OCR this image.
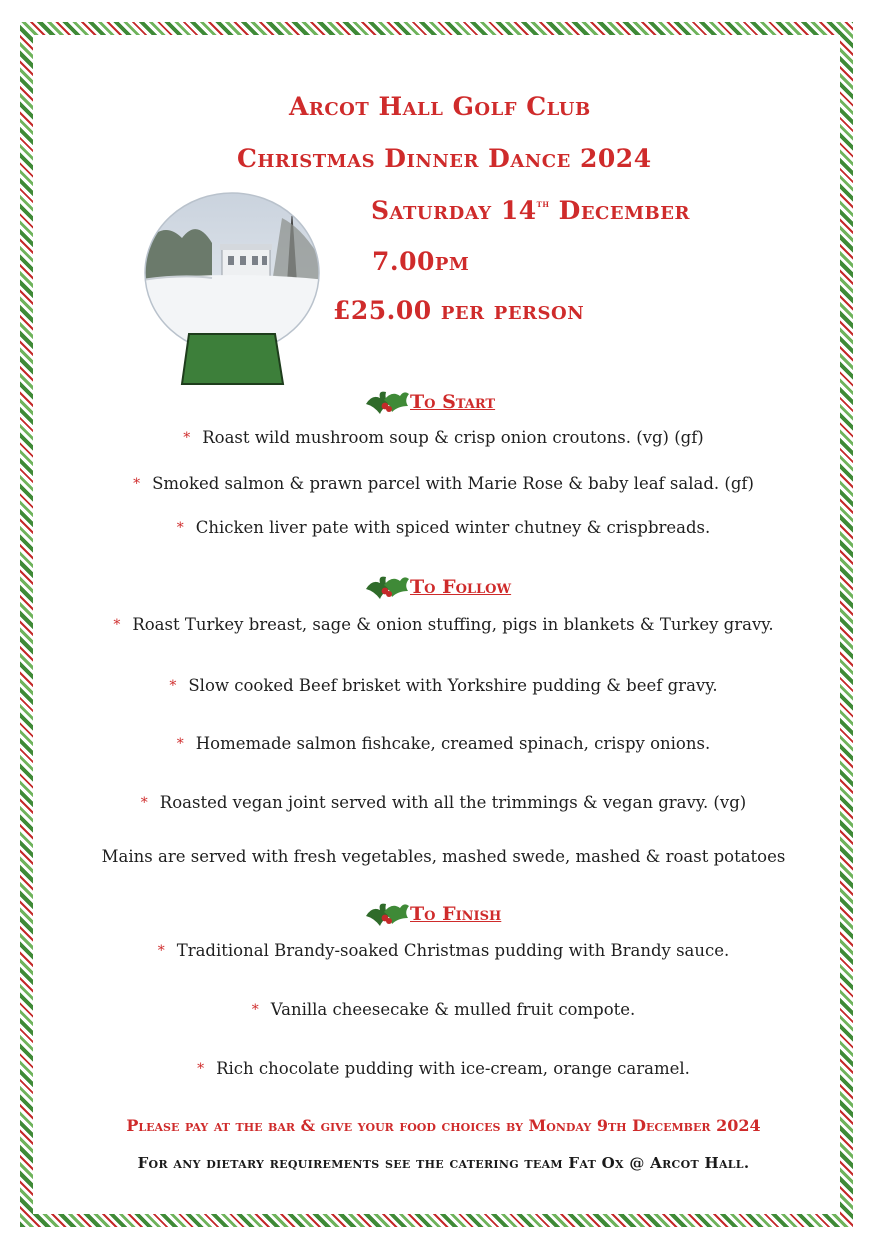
Arcot Hall Golf Club
Christmas Dinner Dance 2024
Saturday 14th December
7.00pm
£25.00 per person
To Start
* Roast wild mushroom soup & crisp onion croutons. (vg) (gf)
* Smoked salmon & prawn parcel with Marie Rose & baby leaf salad. (gf)
* Chicken liver pate with spiced winter chutney & crispbreads.
To Follow
* Roast Turkey breast, sage & onion stuffing, pigs in blankets & Turkey gravy.
* Slow cooked Beef brisket with Yorkshire pudding & beef gravy.
* Homemade salmon fishcake, creamed spinach, crispy onions.
* Roasted vegan joint served with all the trimmings & vegan gravy. (vg)
Mains are served with fresh vegetables, mashed swede, mashed & roast potatoes
To Finish
* Traditional Brandy-soaked Christmas pudding with Brandy sauce.
* Vanilla cheesecake & mulled fruit compote.
* Rich chocolate pudding with ice-cream, orange caramel.
Please pay at the bar & give your food choices by Monday 9th December 2024
For any dietary requirements see the catering team Fat Ox @ Arcot Hall.
